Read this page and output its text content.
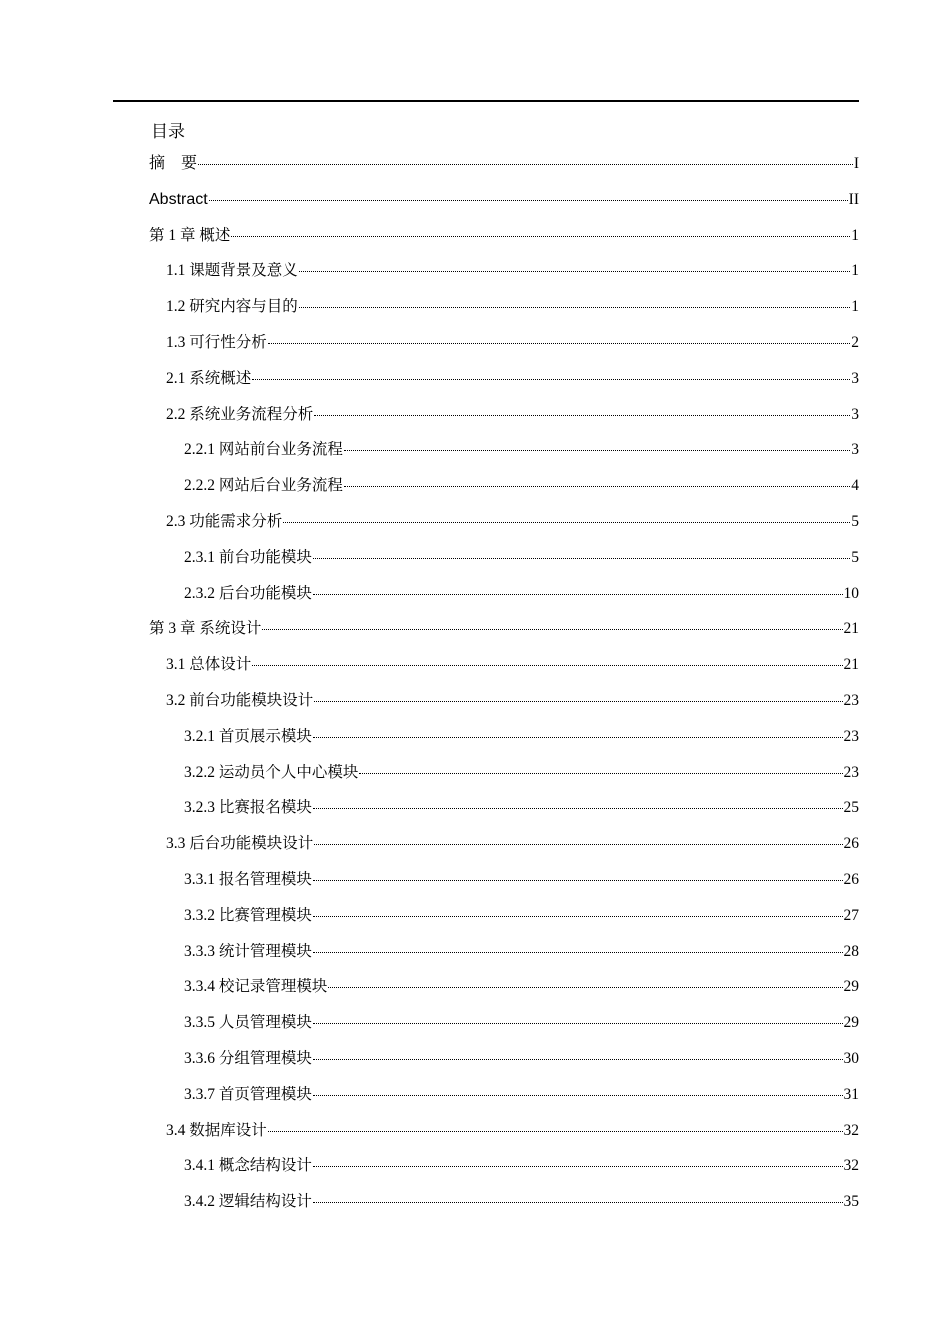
目录
摘　要	I
Abstract	II
第 1 章 概述	1
1.1 课题背景及意义	1
1.2 研究内容与目的	1
1.3 可行性分析	2
2.1 系统概述	3
2.2 系统业务流程分析	3
2.2.1 网站前台业务流程	3
2.2.2 网站后台业务流程	4
2.3 功能需求分析	5
2.3.1 前台功能模块	5
2.3.2 后台功能模块	10
第 3 章 系统设计	21
3.1 总体设计	21
3.2 前台功能模块设计	23
3.2.1 首页展示模块	23
3.2.2 运动员个人中心模块	23
3.2.3 比赛报名模块	25
3.3 后台功能模块设计	26
3.3.1 报名管理模块	26
3.3.2 比赛管理模块	27
3.3.3 统计管理模块	28
3.3.4 校记录管理模块	29
3.3.5 人员管理模块	29
3.3.6 分组管理模块	30
3.3.7 首页管理模块	31
3.4 数据库设计	32
3.4.1 概念结构设计	32
3.4.2 逻辑结构设计	35
